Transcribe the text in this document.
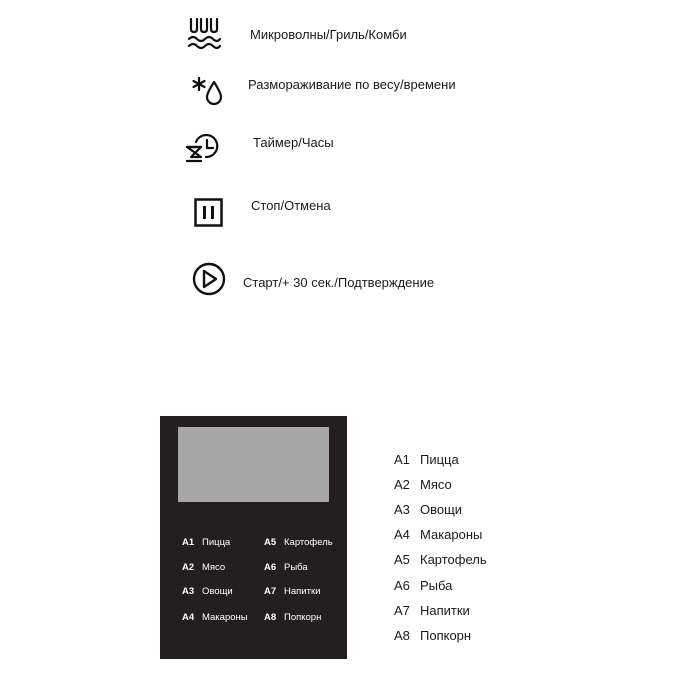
Микроволны/Гриль/Комби
Размораживание по весу/времени
Таймер/Часы
Стоп/Отмена
Старт/+ 30 сек./Подтверждение
A1 Пицца
A2 Мясо
A3 Овощи
A4 Макароны
A5 Картофель
A6 Рыба
A7 Напитки
A8 Попкорн
A1 Пицца
A2 Мясо
A3 Овощи
A4 Макароны
A5 Картофель
A6 Рыба
A7 Напитки
A8 Попкорн
